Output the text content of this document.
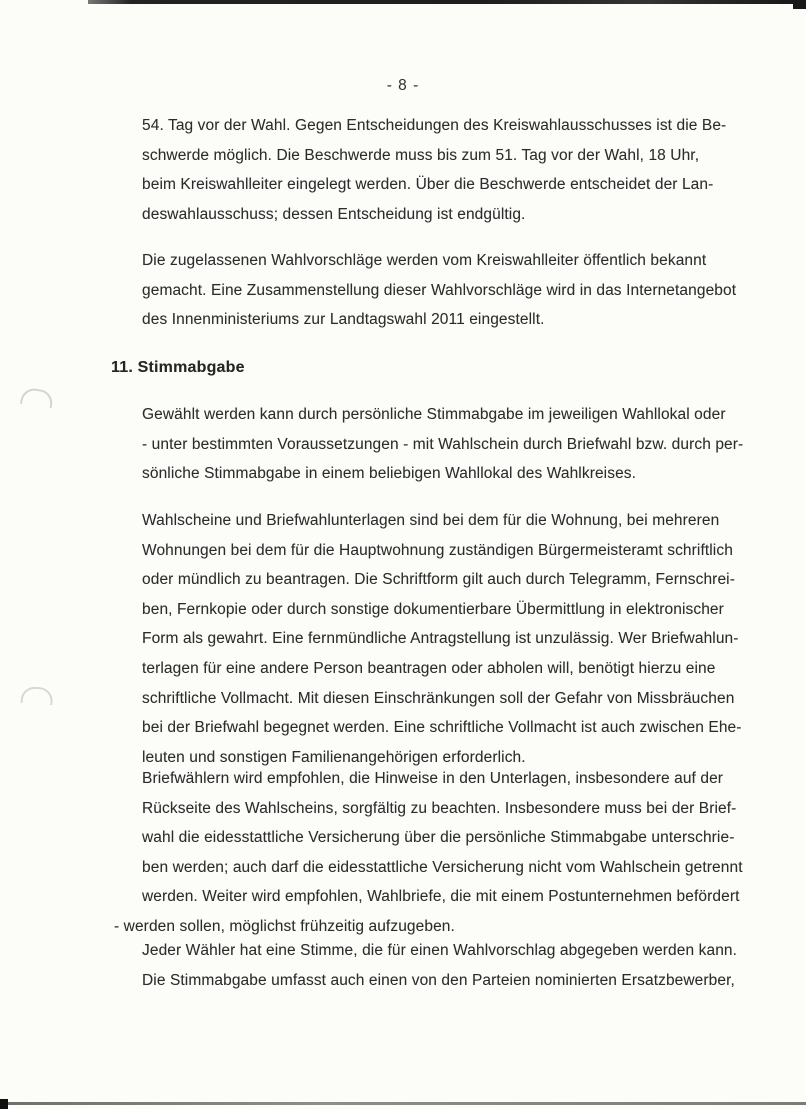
- 8 -
54. Tag vor der Wahl. Gegen Entscheidungen des Kreiswahlausschusses ist die Be-
schwerde möglich. Die Beschwerde muss bis zum 51. Tag vor der Wahl, 18 Uhr,
beim Kreiswahlleiter eingelegt werden. Über die Beschwerde entscheidet der Lan-
deswahlausschuss; dessen Entscheidung ist endgültig.
Die zugelassenen Wahlvorschläge werden vom Kreiswahlleiter öffentlich bekannt
gemacht. Eine Zusammenstellung dieser Wahlvorschläge wird in das Internetangebot
des Innenministeriums zur Landtagswahl 2011 eingestellt.
11. Stimmabgabe
Gewählt werden kann durch persönliche Stimmabgabe im jeweiligen Wahllokal oder
- unter bestimmten Voraussetzungen - mit Wahlschein durch Briefwahl bzw. durch per-
sönliche Stimmabgabe in einem beliebigen Wahllokal des Wahlkreises.
Wahlscheine und Briefwahlunterlagen sind bei dem für die Wohnung, bei mehreren
Wohnungen bei dem für die Hauptwohnung zuständigen Bürgermeisteramt schriftlich
oder mündlich zu beantragen. Die Schriftform gilt auch durch Telegramm, Fernschrei-
ben, Fernkopie oder durch sonstige dokumentierbare Übermittlung in elektronischer
Form als gewahrt. Eine fernmündliche Antragstellung ist unzulässig. Wer Briefwahlun-
terlagen für eine andere Person beantragen oder abholen will, benötigt hierzu eine
schriftliche Vollmacht. Mit diesen Einschränkungen soll der Gefahr von Missbräuchen
bei der Briefwahl begegnet werden. Eine schriftliche Vollmacht ist auch zwischen Ehe-
leuten und sonstigen Familienangehörigen erforderlich.
Briefwählern wird empfohlen, die Hinweise in den Unterlagen, insbesondere auf der
Rückseite des Wahlscheins, sorgfältig zu beachten. Insbesondere muss bei der Brief-
wahl die eidesstattliche Versicherung über die persönliche Stimmabgabe unterschrie-
ben werden; auch darf die eidesstattliche Versicherung nicht vom Wahlschein getrennt
werden. Weiter wird empfohlen, Wahlbriefe, die mit einem Postunternehmen befördert
- werden sollen, möglichst frühzeitig aufzugeben.
Jeder Wähler hat eine Stimme, die für einen Wahlvorschlag abgegeben werden kann.
Die Stimmabgabe umfasst auch einen von den Parteien nominierten Ersatzbewerber,
